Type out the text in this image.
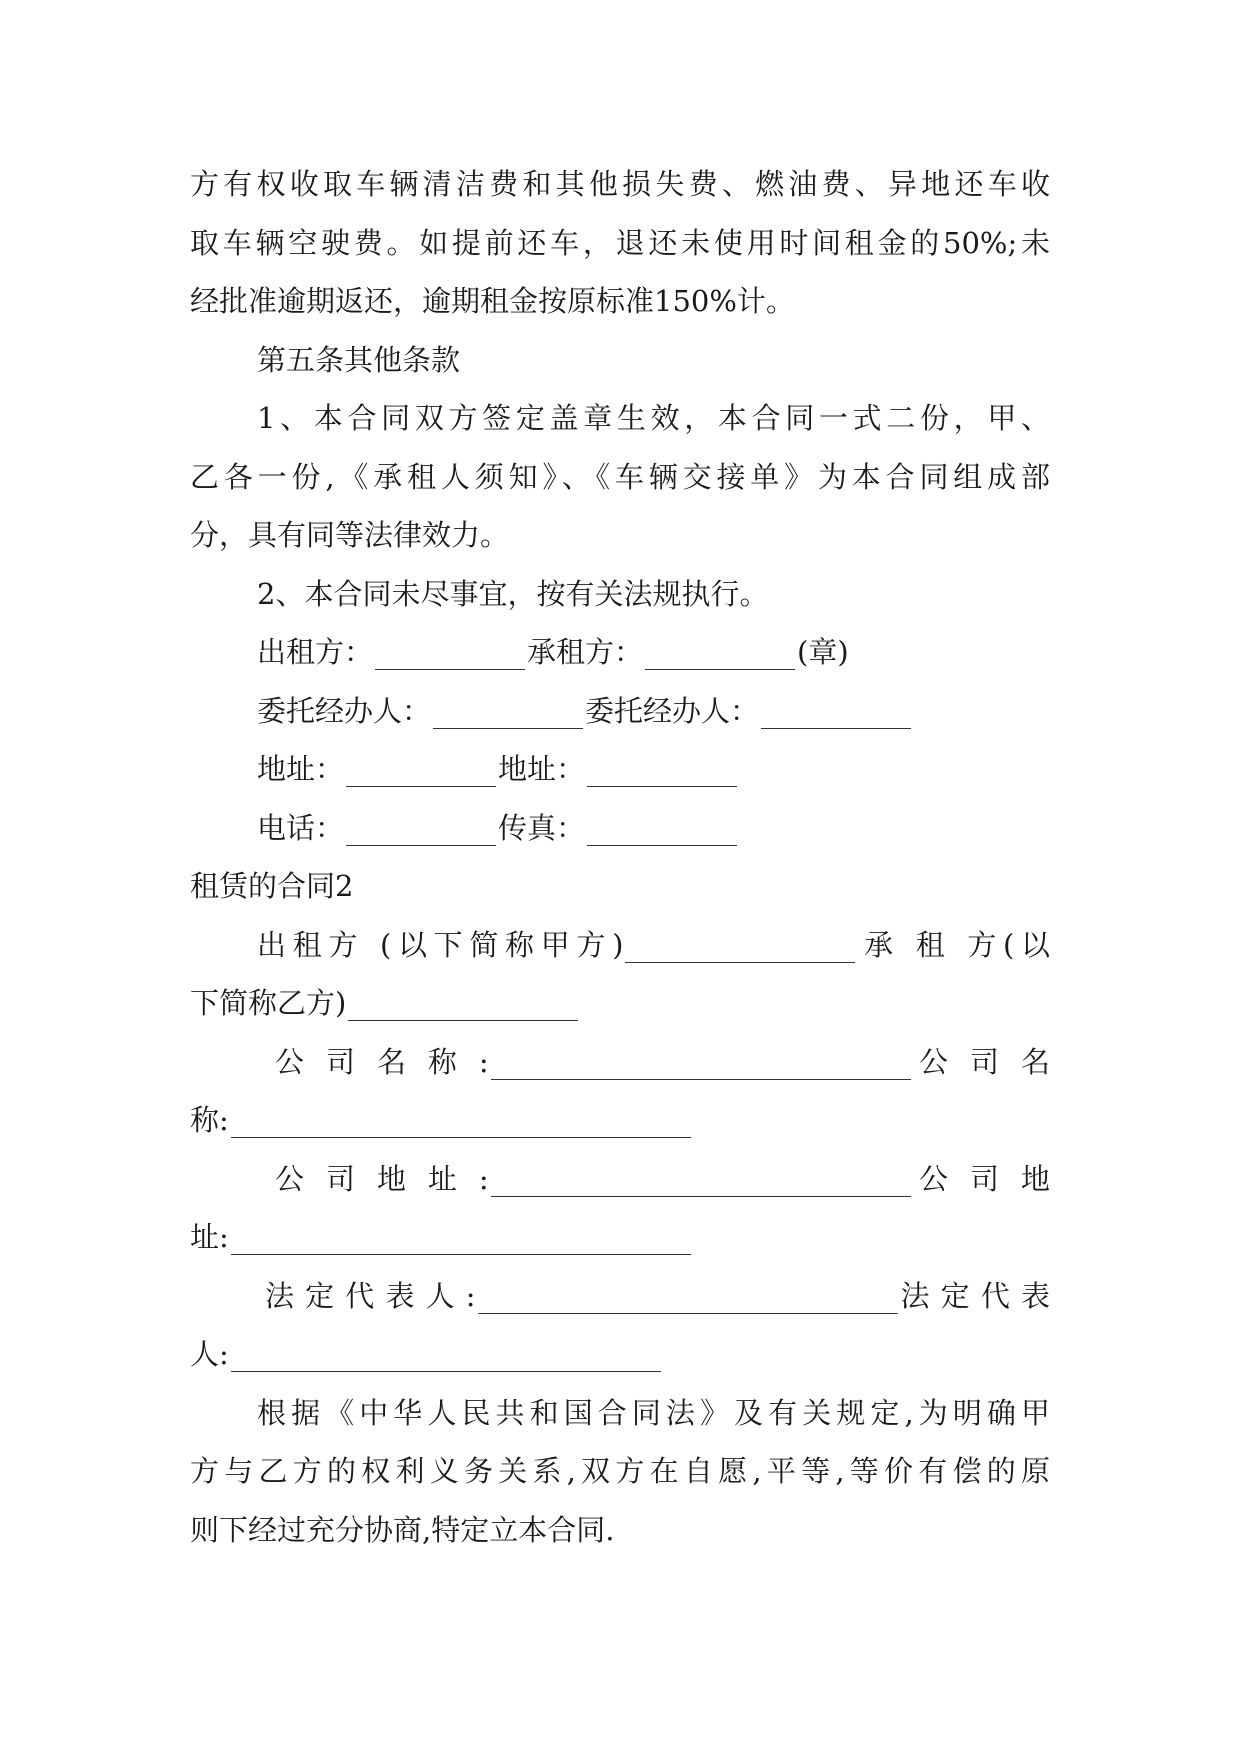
方有权收取车辆清洁费和其他损失费、燃油费、异地还车收
取车辆空驶费。如提前还车，退还未使用时间租金的50%;未
经批准逾期返还，逾期租金按原标准150%计。
第五条其他条款
1、本合同双方签定盖章生效，本合同一式二份，甲、
乙各一份,《承租人须知》、《车辆交接单》为本合同组成部
分，具有同等法律效力。
2、本合同未尽事宜，按有关法规执行。
出租方：	承租方：	(章)
委托经办人：	委托经办人：
地址：	地址：
电话：	传真：
租赁的合同2
出租方 (以下简称甲方)	承 租 方(以
下简称乙方)
公 司 名 称 :	公 司 名
称:
公 司 地 址 :	公 司 地
址:
法 定 代 表 人 :	法 定 代 表
人:
根据《中华人民共和国合同法》及有关规定,为明确甲
方与乙方的权利义务关系,双方在自愿,平等,等价有偿的原
则下经过充分协商,特定立本合同.
